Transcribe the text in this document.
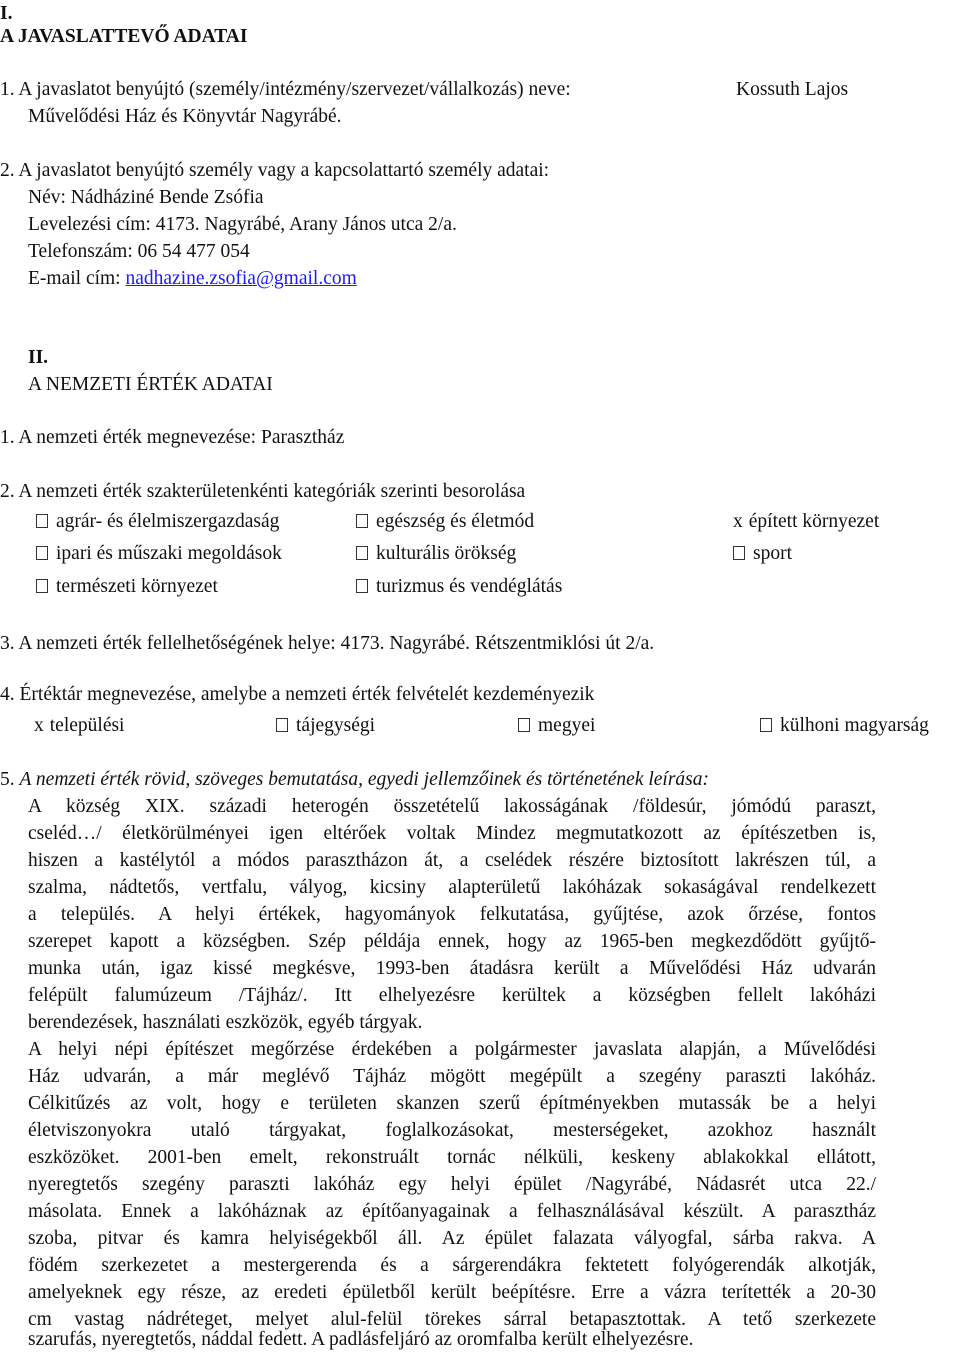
I.
A JAVASLATTEVŐ ADATAI
1. A javaslatot benyújtó (személy/intézmény/szervezet/vállalkozás) neve:	Kossuth Lajos
Művelődési Ház és Könyvtár Nagyrábé.
2. A javaslatot benyújtó személy vagy a kapcsolattartó személy adatai:
Név: Nádháziné Bende Zsófia
Levelezési cím: 4173. Nagyrábé, Arany János utca 2/a.
Telefonszám: 06 54 477 054
E-mail cím: nadhazine.zsofia@gmail.com
II.
A NEMZETI ÉRTÉK ADATAI
1. A nemzeti érték megnevezése: Parasztház
2. A nemzeti érték szakterületenkénti kategóriák szerinti besorolása
agrár- és élelmiszergazdaság	egészség és életmód	x épített környezet
ipari és műszaki megoldások	kulturális örökség	sport
természeti környezet	turizmus és vendéglátás
3. A nemzeti érték fellelhetőségének helye: 4173. Nagyrábé. Rétszentmiklósi út 2/a.
4. Értéktár megnevezése, amelybe a nemzeti érték felvételét kezdeményezik
x települési	tájegységi	megyei	külhoni magyarság
5. A nemzeti érték rövid, szöveges bemutatása, egyedi jellemzőinek és történetének leírása:
A község XIX. századi heterogén összetételű lakosságának /földesúr, jómódú paraszt,
cseléd…/ életkörülményei igen eltérőek voltak Mindez megmutatkozott az építészetben is,
hiszen a kastélytól a módos parasztházon át, a cselédek részére biztosított lakrészen túl, a
szalma, nádtetős, vertfalu, vályog, kicsiny alapterületű lakóházak sokaságával rendelkezett
a település. A helyi értékek, hagyományok felkutatása, gyűjtése, azok őrzése, fontos
szerepet kapott a községben. Szép példája ennek, hogy az 1965-ben megkezdődött gyűjtő-
munka után, igaz kissé megkésve, 1993-ben átadásra került a Művelődési Ház udvarán
felépült falumúzeum /Tájház/. Itt elhelyezésre kerültek a községben fellelt lakóházi
berendezések, használati eszközök, egyéb tárgyak.
A helyi népi építészet megőrzése érdekében a polgármester javaslata alapján, a Művelődési
Ház udvarán, a már meglévő Tájház mögött megépült a szegény paraszti lakóház.
Célkitűzés az volt, hogy e területen skanzen szerű építményekben mutassák be a helyi
életviszonyokra utaló tárgyakat, foglalkozásokat, mesterségeket, azokhoz használt
eszközöket. 2001-ben emelt, rekonstruált tornác nélküli, keskeny ablakokkal ellátott,
nyeregtetős szegény paraszti lakóház egy helyi épület /Nagyrábé, Nádasrét utca 22./
másolata. Ennek a lakóháznak az építőanyagainak a felhasználásával készült. A parasztház
szoba, pitvar és kamra helyiségekből áll. Az épület falazata vályogfal, sárba rakva. A
födém szerkezetet a mestergerenda és a sárgerendákra fektetett folyógerendák alkotják,
amelyeknek egy része, az eredeti épületből került beépítésre. Erre a vázra terítették a 20-30
cm vastag nádréteget, melyet alul-felül törekes sárral betapasztottak. A tető szerkezete
szarufás, nyeregtetős, náddal fedett. A padlásfeljáró az oromfalba került elhelyezésre.
